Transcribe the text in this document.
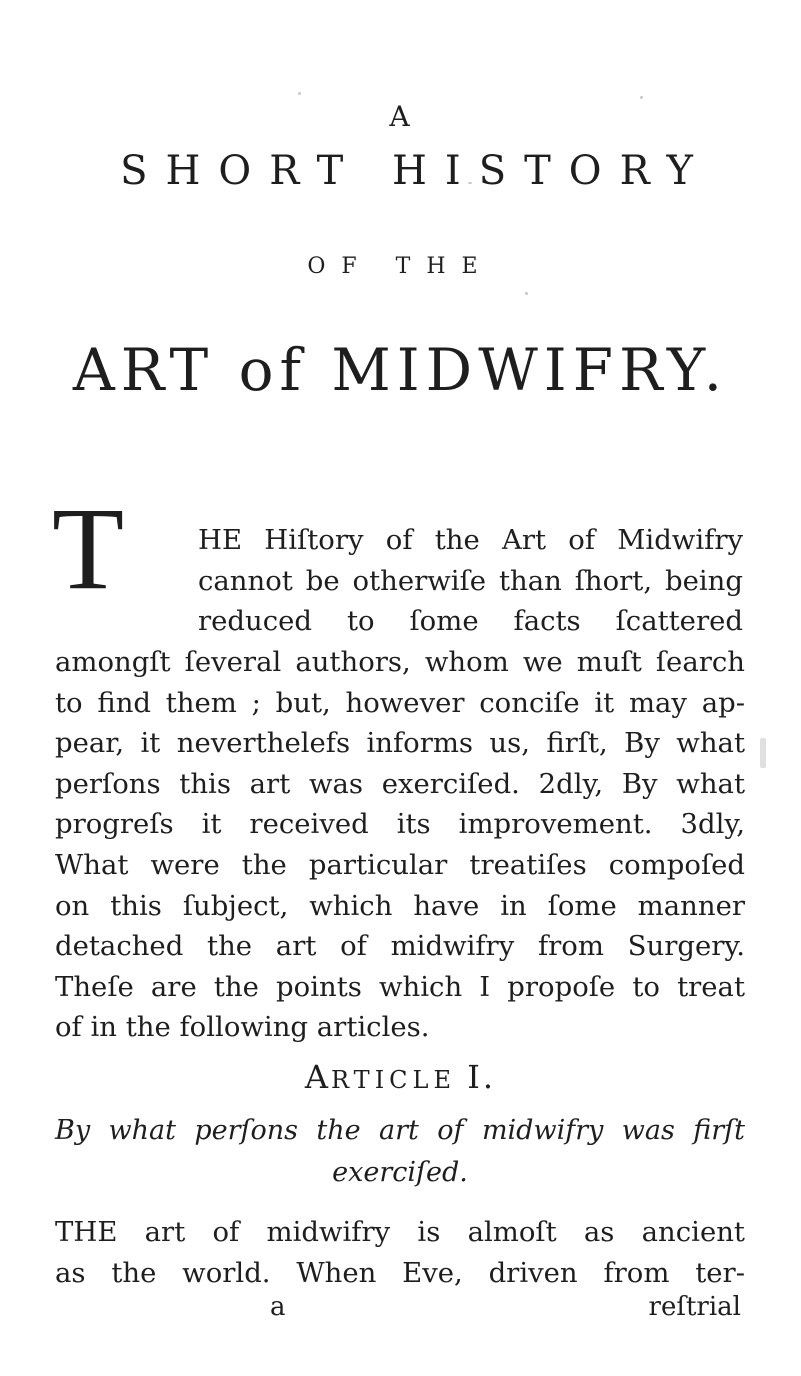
A
SHORT HISTORY
OF THE
ART of MIDWIFRY.
T	HE Hiſtory of the Art of Midwifry
cannot be otherwiſe than ſhort, being
reduced to ſome facts ſcattered
amongſt ſeveral authors, whom we muſt ſearch
to find them ; but, however conciſe it may ap-
pear, it neverthelefs informs us, firſt, By what
perſons this art was exerciſed. 2dly, By what
progreſs it received its improvement. 3dly,
What were the particular treatiſes compoſed
on this ſubject, which have in ſome manner
detached the art of midwifry from Surgery.
Theſe are the points which I propoſe to treat
of in the following articles.
ARTICLE I.
By what perſons the art of midwifry was firſt
exerciſed.
THE art of midwifry is almoſt as ancient
as the world. When Eve, driven from ter-
a	reſtrial
